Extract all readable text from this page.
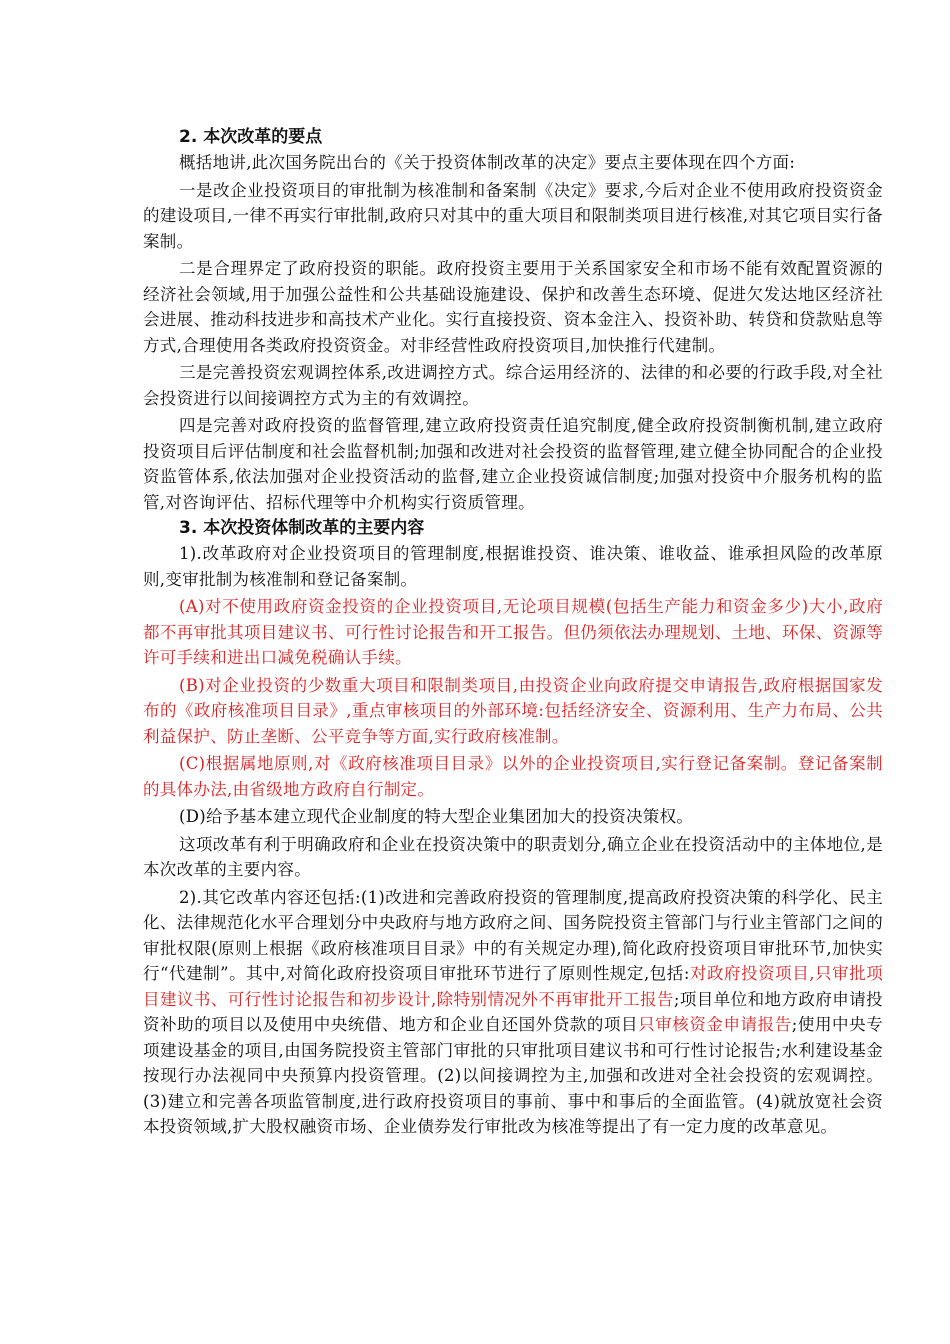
2. 本次改革的要点

概括地讲,此次国务院出台的《关于投资体制改革的决定》要点主要体现在四个方面:

一是改企业投资项目的审批制为核准制和备案制《决定》要求,今后对企业不使用政府投资资金的建设项目,一律不再实行审批制,政府只对其中的重大项目和限制类项目进行核准,对其它项目实行备案制。

二是合理界定了政府投资的职能。政府投资主要用于关系国家安全和市场不能有效配置资源的经济社会领域,用于加强公益性和公共基础设施建设、保护和改善生态环境、促进欠发达地区经济社会进展、推动科技进步和高技术产业化。实行直接投资、资本金注入、投资补助、转贷和贷款贴息等方式,合理使用各类政府投资资金。对非经营性政府投资项目,加快推行代建制。

三是完善投资宏观调控体系,改进调控方式。综合运用经济的、法律的和必要的行政手段,对全社会投资进行以间接调控方式为主的有效调控。

四是完善对政府投资的监督管理,建立政府投资责任追究制度,健全政府投资制衡机制,建立政府投资项目后评估制度和社会监督机制;加强和改进对社会投资的监督管理,建立健全协同配合的企业投资监管体系,依法加强对企业投资活动的监督,建立企业投资诚信制度;加强对投资中介服务机构的监管,对咨询评估、招标代理等中介机构实行资质管理。

3. 本次投资体制改革的主要内容

1).改革政府对企业投资项目的管理制度,根据谁投资、谁决策、谁收益、谁承担风险的改革原则,变审批制为核准制和登记备案制。

(A)对不使用政府资金投资的企业投资项目,无论项目规模(包括生产能力和资金多少)大小,政府都不再审批其项目建议书、可行性讨论报告和开工报告。但仍须依法办理规划、土地、环保、资源等许可手续和进出口减免税确认手续。

(B)对企业投资的少数重大项目和限制类项目,由投资企业向政府提交申请报告,政府根据国家发布的《政府核准项目目录》,重点审核项目的外部环境:包括经济安全、资源利用、生产力布局、公共利益保护、防止垄断、公平竞争等方面,实行政府核准制。

(C)根据属地原则,对《政府核准项目目录》以外的企业投资项目,实行登记备案制。登记备案制的具体办法,由省级地方政府自行制定。

(D)给予基本建立现代企业制度的特大型企业集团加大的投资决策权。

这项改革有利于明确政府和企业在投资决策中的职责划分,确立企业在投资活动中的主体地位,是本次改革的主要内容。

2).其它改革内容还包括:(1)改进和完善政府投资的管理制度,提高政府投资决策的科学化、民主化、法律规范化水平合理划分中央政府与地方政府之间、国务院投资主管部门与行业主管部门之间的审批权限(原则上根据《政府核准项目目录》中的有关规定办理),简化政府投资项目审批环节,加快实行“代建制”。其中,对简化政府投资项目审批环节进行了原则性规定,包括:对政府投资项目,只审批项目建议书、可行性讨论报告和初步设计,除特别情况外不再审批开工报告;项目单位和地方政府申请投资补助的项目以及使用中央统借、地方和企业自还国外贷款的项目只审核资金申请报告;使用中央专项建设基金的项目,由国务院投资主管部门审批的只审批项目建议书和可行性讨论报告;水利建设基金按现行办法视同中央预算内投资管理。(2)以间接调控为主,加强和改进对全社会投资的宏观调控。(3)建立和完善各项监管制度,进行政府投资项目的事前、事中和事后的全面监管。(4)就放宽社会资本投资领域,扩大股权融资市场、企业债券发行审批改为核准等提出了有一定力度的改革意见。
